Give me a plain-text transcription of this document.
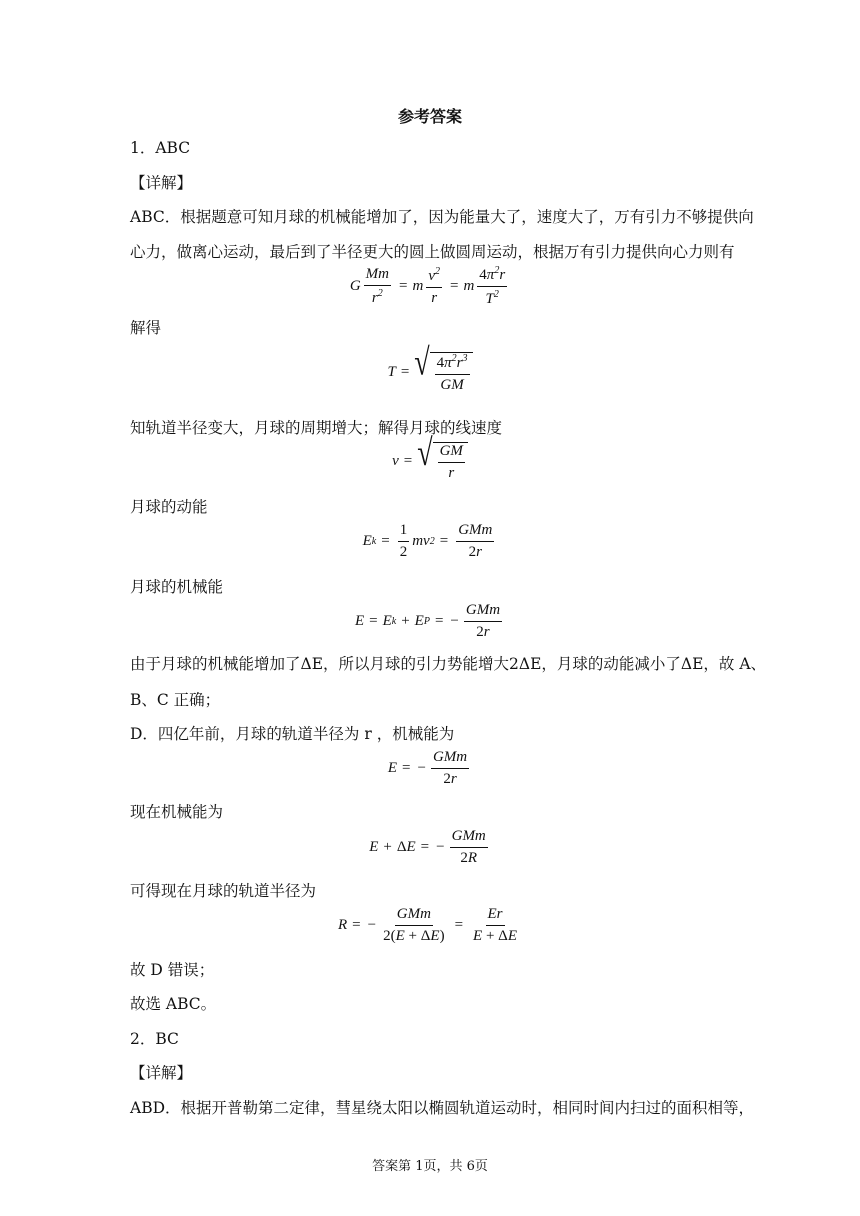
参考答案
1．ABC
【详解】
ABC．根据题意可知月球的机械能增加了，因为能量大了，速度大了，万有引力不够提供向
心力，做离心运动，最后到了半径更大的圆上做圆周运动，根据万有引力提供向心力则有
G $\frac{Mm}{r^2} = m \frac{v^2}{r} = m \frac{4\pi^2r}{T^2}$
解得
T = √ $\frac{4\pi^2r^3}{GM}$
知轨道半径变大，月球的周期增大；解得月球的线速度
v = √ $\frac{GM}{r}$
月球的动能
E $k = \frac{1}{2}$ mv $2 = \frac{\text{GMm}}{2r}$
月球的机械能
E = E k + E P = − $\frac{\text{GMm}}{2r}$
由于月球的机械能增加了ΔE，所以月球的引力势能增大2ΔE，月球的动能减小了ΔE，故 A、
B、C 正确；
D．四亿年前，月球的轨道半径为 r ，机械能为
E = − $\frac{\text{GMm}}{2r}$
现在机械能为
E + Δ E = − $\frac{\text{GMm}}{2R}$
可得现在月球的轨道半径为
R = − $\frac{\text{GMm}}{2(E + \Delta E)} = \frac{Er}{E + \Delta E}$
故 D 错误；
故选 ABC。
2．BC
【详解】
ABD．根据开普勒第二定律，彗星绕太阳以椭圆轨道运动时，相同时间内扫过的面积相等，
答案第 1页，共 6页
